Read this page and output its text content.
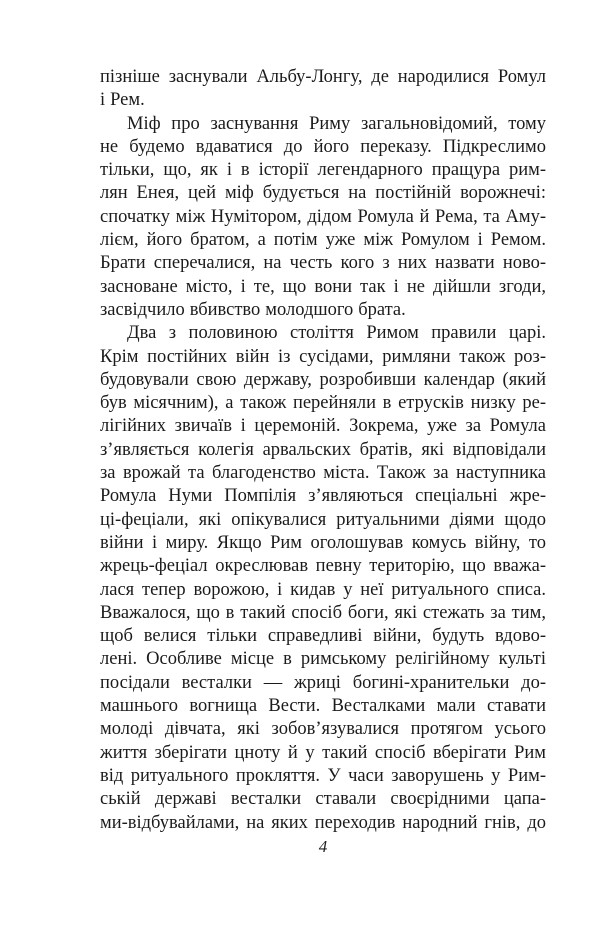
пізніше заснували Альбу-Лонгу, де народилися Ромул
і Рем.
Міф про заснування Риму загальновідомий, тому
не будемо вдаватися до його переказу. Підкреслимо
тільки, що, як і в історії легендарного пращура рим-
лян Енея, цей міф будується на постійній ворожнечі:
спочатку між Нумітором, дідом Ромула й Рема, та Аму-
лієм, його братом, а потім уже між Ромулом і Ремом.
Брати сперечалися, на честь кого з них назвати ново-
засноване місто, і те, що вони так і не дійшли згоди,
засвідчило вбивство молодшого брата.
Два з половиною століття Римом правили царі.
Крім постійних війн із сусідами, римляни також роз-
будовували свою державу, розробивши календар (який
був місячним), а також перейняли в етрусків низку ре-
лігійних звичаїв і церемоній. Зокрема, уже за Ромула
з’являється колегія арвальских братів, які відповідали
за врожай та благоденство міста. Також за наступника
Ромула Нуми Помпілія з’являються спеціальні жре-
ці-феціали, які опікувалися ритуальними діями щодо
війни і миру. Якщо Рим оголошував комусь війну, то
жрець-феціал окреслював певну територію, що вважа-
лася тепер ворожою, і кидав у неї ритуального списа.
Вважалося, що в такий спосіб боги, які стежать за тим,
щоб велися тільки справедливі війни, будуть вдово-
лені. Особливе місце в римському релігійному культі
посідали весталки — жриці богині-хранительки до-
машнього вогнища Вести. Весталками мали ставати
молоді дівчата, які зобов’язувалися протягом усього
життя зберігати цноту й у такий спосіб вберігати Рим
від ритуального прокляття. У часи заворушень у Рим-
ській державі весталки ставали своєрідними цапа-
ми-відбувайлами, на яких переходив народний гнів, до
4
